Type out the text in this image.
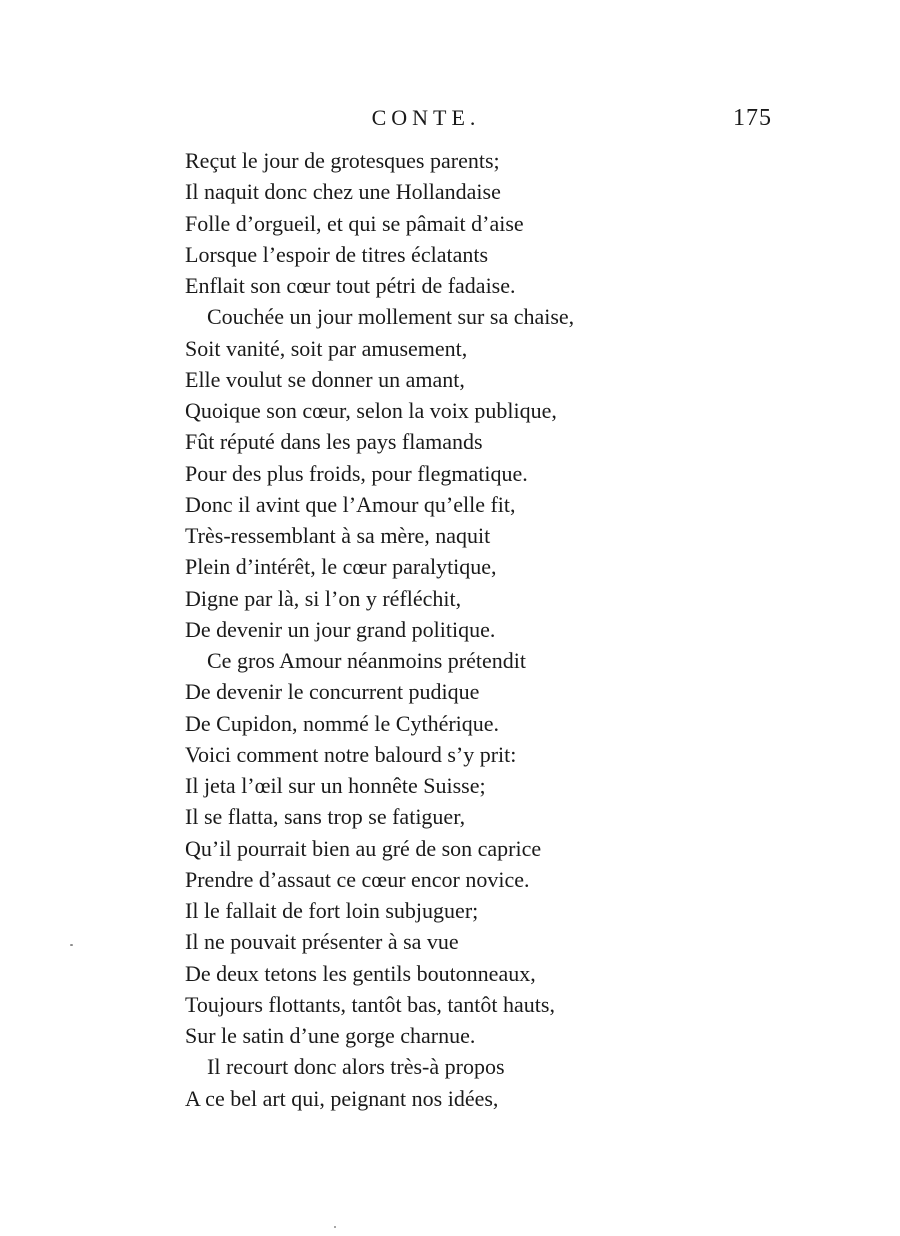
CONTE.	175
Reçut le jour de grotesques parents;
Il naquit donc chez une Hollandaise
Folle d’orgueil, et qui se pâmait d’aise
Lorsque l’espoir de titres éclatants
Enflait son cœur tout pétri de fadaise.
Couchée un jour mollement sur sa chaise,
Soit vanité, soit par amusement,
Elle voulut se donner un amant,
Quoique son cœur, selon la voix publique,
Fût réputé dans les pays flamands
Pour des plus froids, pour flegmatique.
Donc il avint que l’Amour qu’elle fit,
Très-ressemblant à sa mère, naquit
Plein d’intérêt, le cœur paralytique,
Digne par là, si l’on y réfléchit,
De devenir un jour grand politique.
Ce gros Amour néanmoins prétendit
De devenir le concurrent pudique
De Cupidon, nommé le Cythérique.
Voici comment notre balourd s’y prit:
Il jeta l’œil sur un honnête Suisse;
Il se flatta, sans trop se fatiguer,
Qu’il pourrait bien au gré de son caprice
Prendre d’assaut ce cœur encor novice.
Il le fallait de fort loin subjuguer;
Il ne pouvait présenter à sa vue
De deux tetons les gentils boutonneaux,
Toujours flottants, tantôt bas, tantôt hauts,
Sur le satin d’une gorge charnue.
Il recourt donc alors très-à propos
A ce bel art qui, peignant nos idées,
